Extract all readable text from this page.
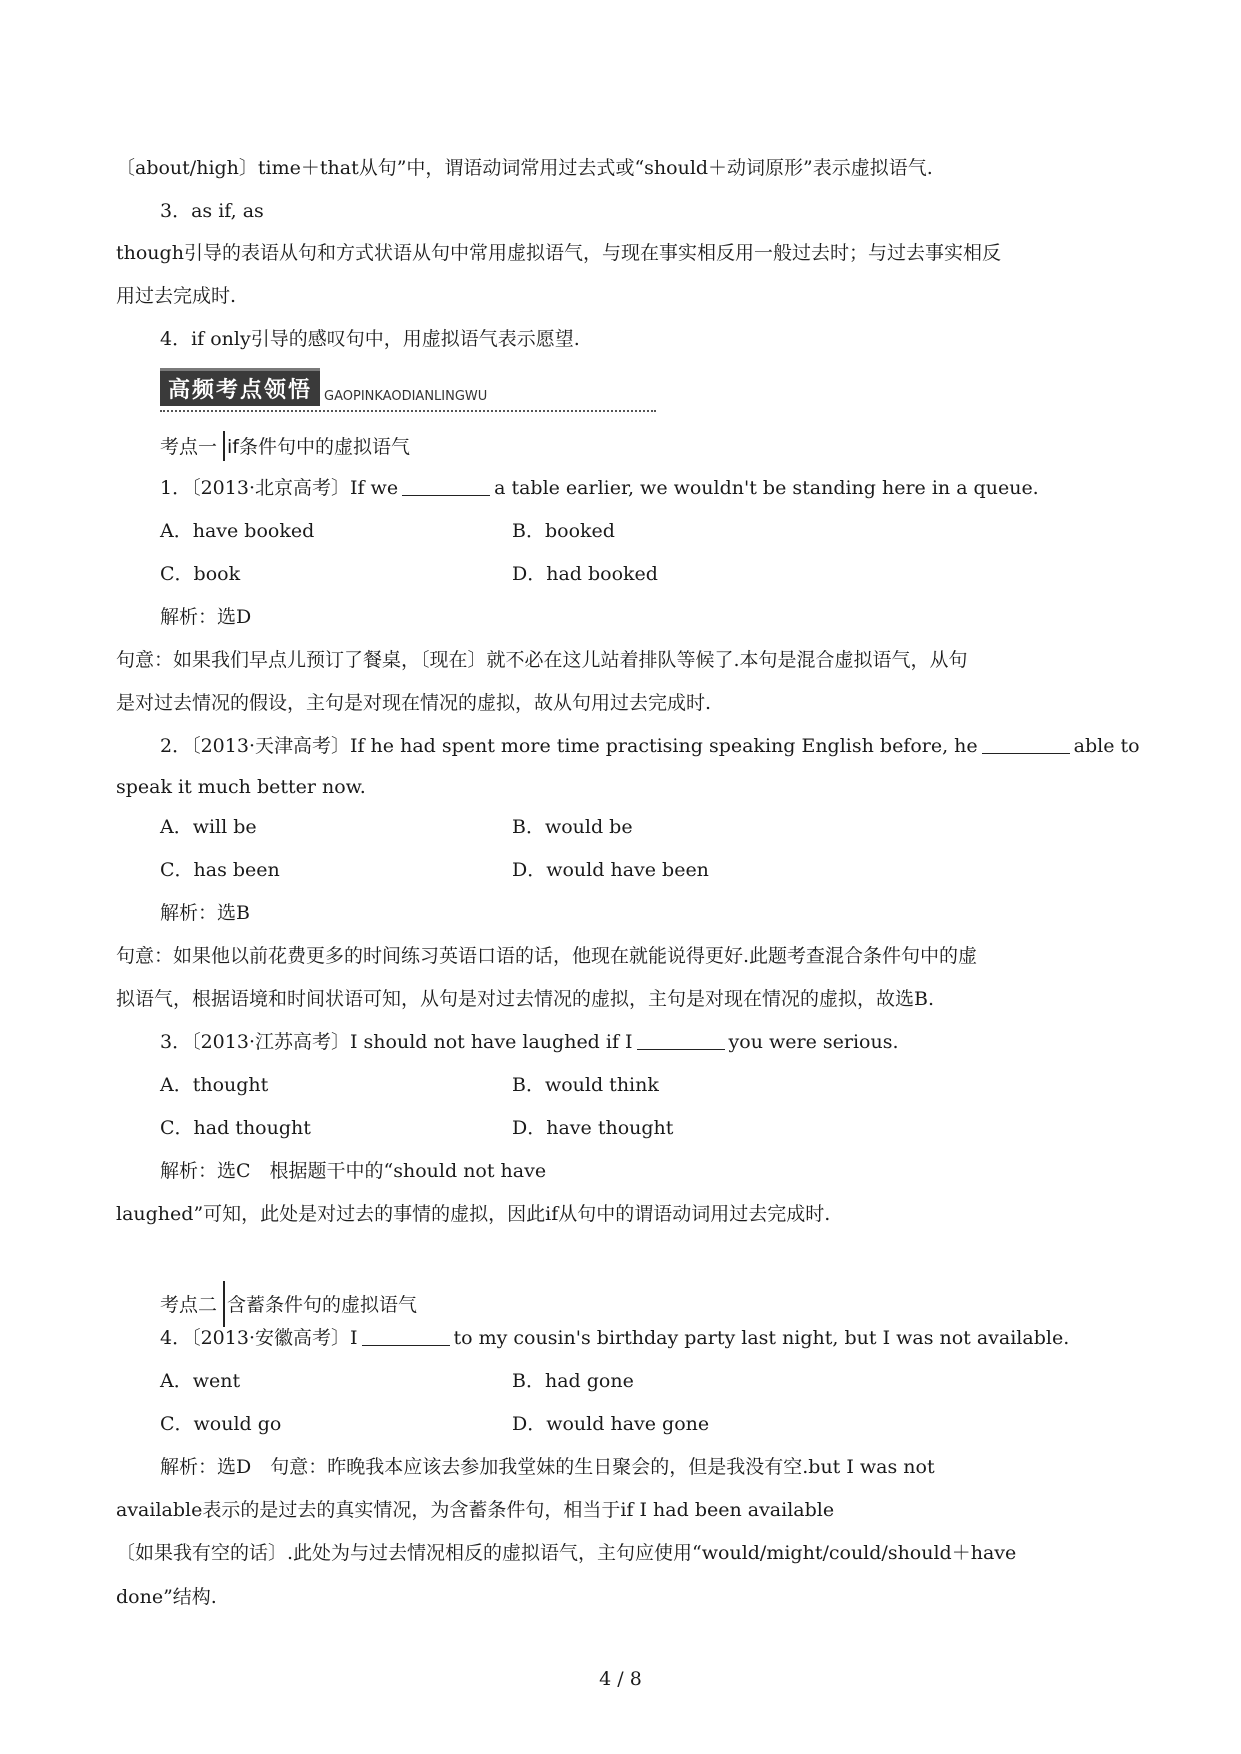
〔about/high〕time＋that从句”中，谓语动词常用过去式或“should＋动词原形”表示虚拟语气.
3．as if, as
though引导的表语从句和方式状语从句中常用虚拟语气，与现在事实相反用一般过去时；与过去事实相反
用过去完成时.
4．if only引导的感叹句中，用虚拟语气表示愿望.
高频考点领悟 GAOPINKAODIANLINGWU
考点一 if条件句中的虚拟语气
1．〔2013·北京高考〕If we	a table earlier, we wouldn't be standing here in a queue.
A．have booked	B．booked
C．book	D．had booked
解析：选D
句意：如果我们早点儿预订了餐桌，〔现在〕就不必在这儿站着排队等候了.本句是混合虚拟语气，从句
是对过去情况的假设，主句是对现在情况的虚拟，故从句用过去完成时.
2．〔2013·天津高考〕If he had spent more time practising speaking English before, he	able to
speak it much better now.
A．will be	B．would be
C．has been	D．would have been
解析：选B
句意：如果他以前花费更多的时间练习英语口语的话，他现在就能说得更好.此题考查混合条件句中的虚
拟语气，根据语境和时间状语可知，从句是对过去情况的虚拟，主句是对现在情况的虚拟，故选B.
3．〔2013·江苏高考〕I should not have laughed if I	you were serious.
A．thought	B．would think
C．had thought	D．have thought
解析：选C　根据题干中的“should not have
laughed”可知，此处是对过去的事情的虚拟，因此if从句中的谓语动词用过去完成时.
考点二 含蓄条件句的虚拟语气
4．〔2013·安徽高考〕I	to my cousin's birthday party last night, but I was not available.
A．went	B．had gone
C．would go	D．would have gone
解析：选D　句意：昨晚我本应该去参加我堂妹的生日聚会的，但是我没有空.but I was not
available表示的是过去的真实情况，为含蓄条件句，相当于if I had been available
〔如果我有空的话〕.此处为与过去情况相反的虚拟语气，主句应使用“would/might/could/should＋have
done”结构.
4 / 8
